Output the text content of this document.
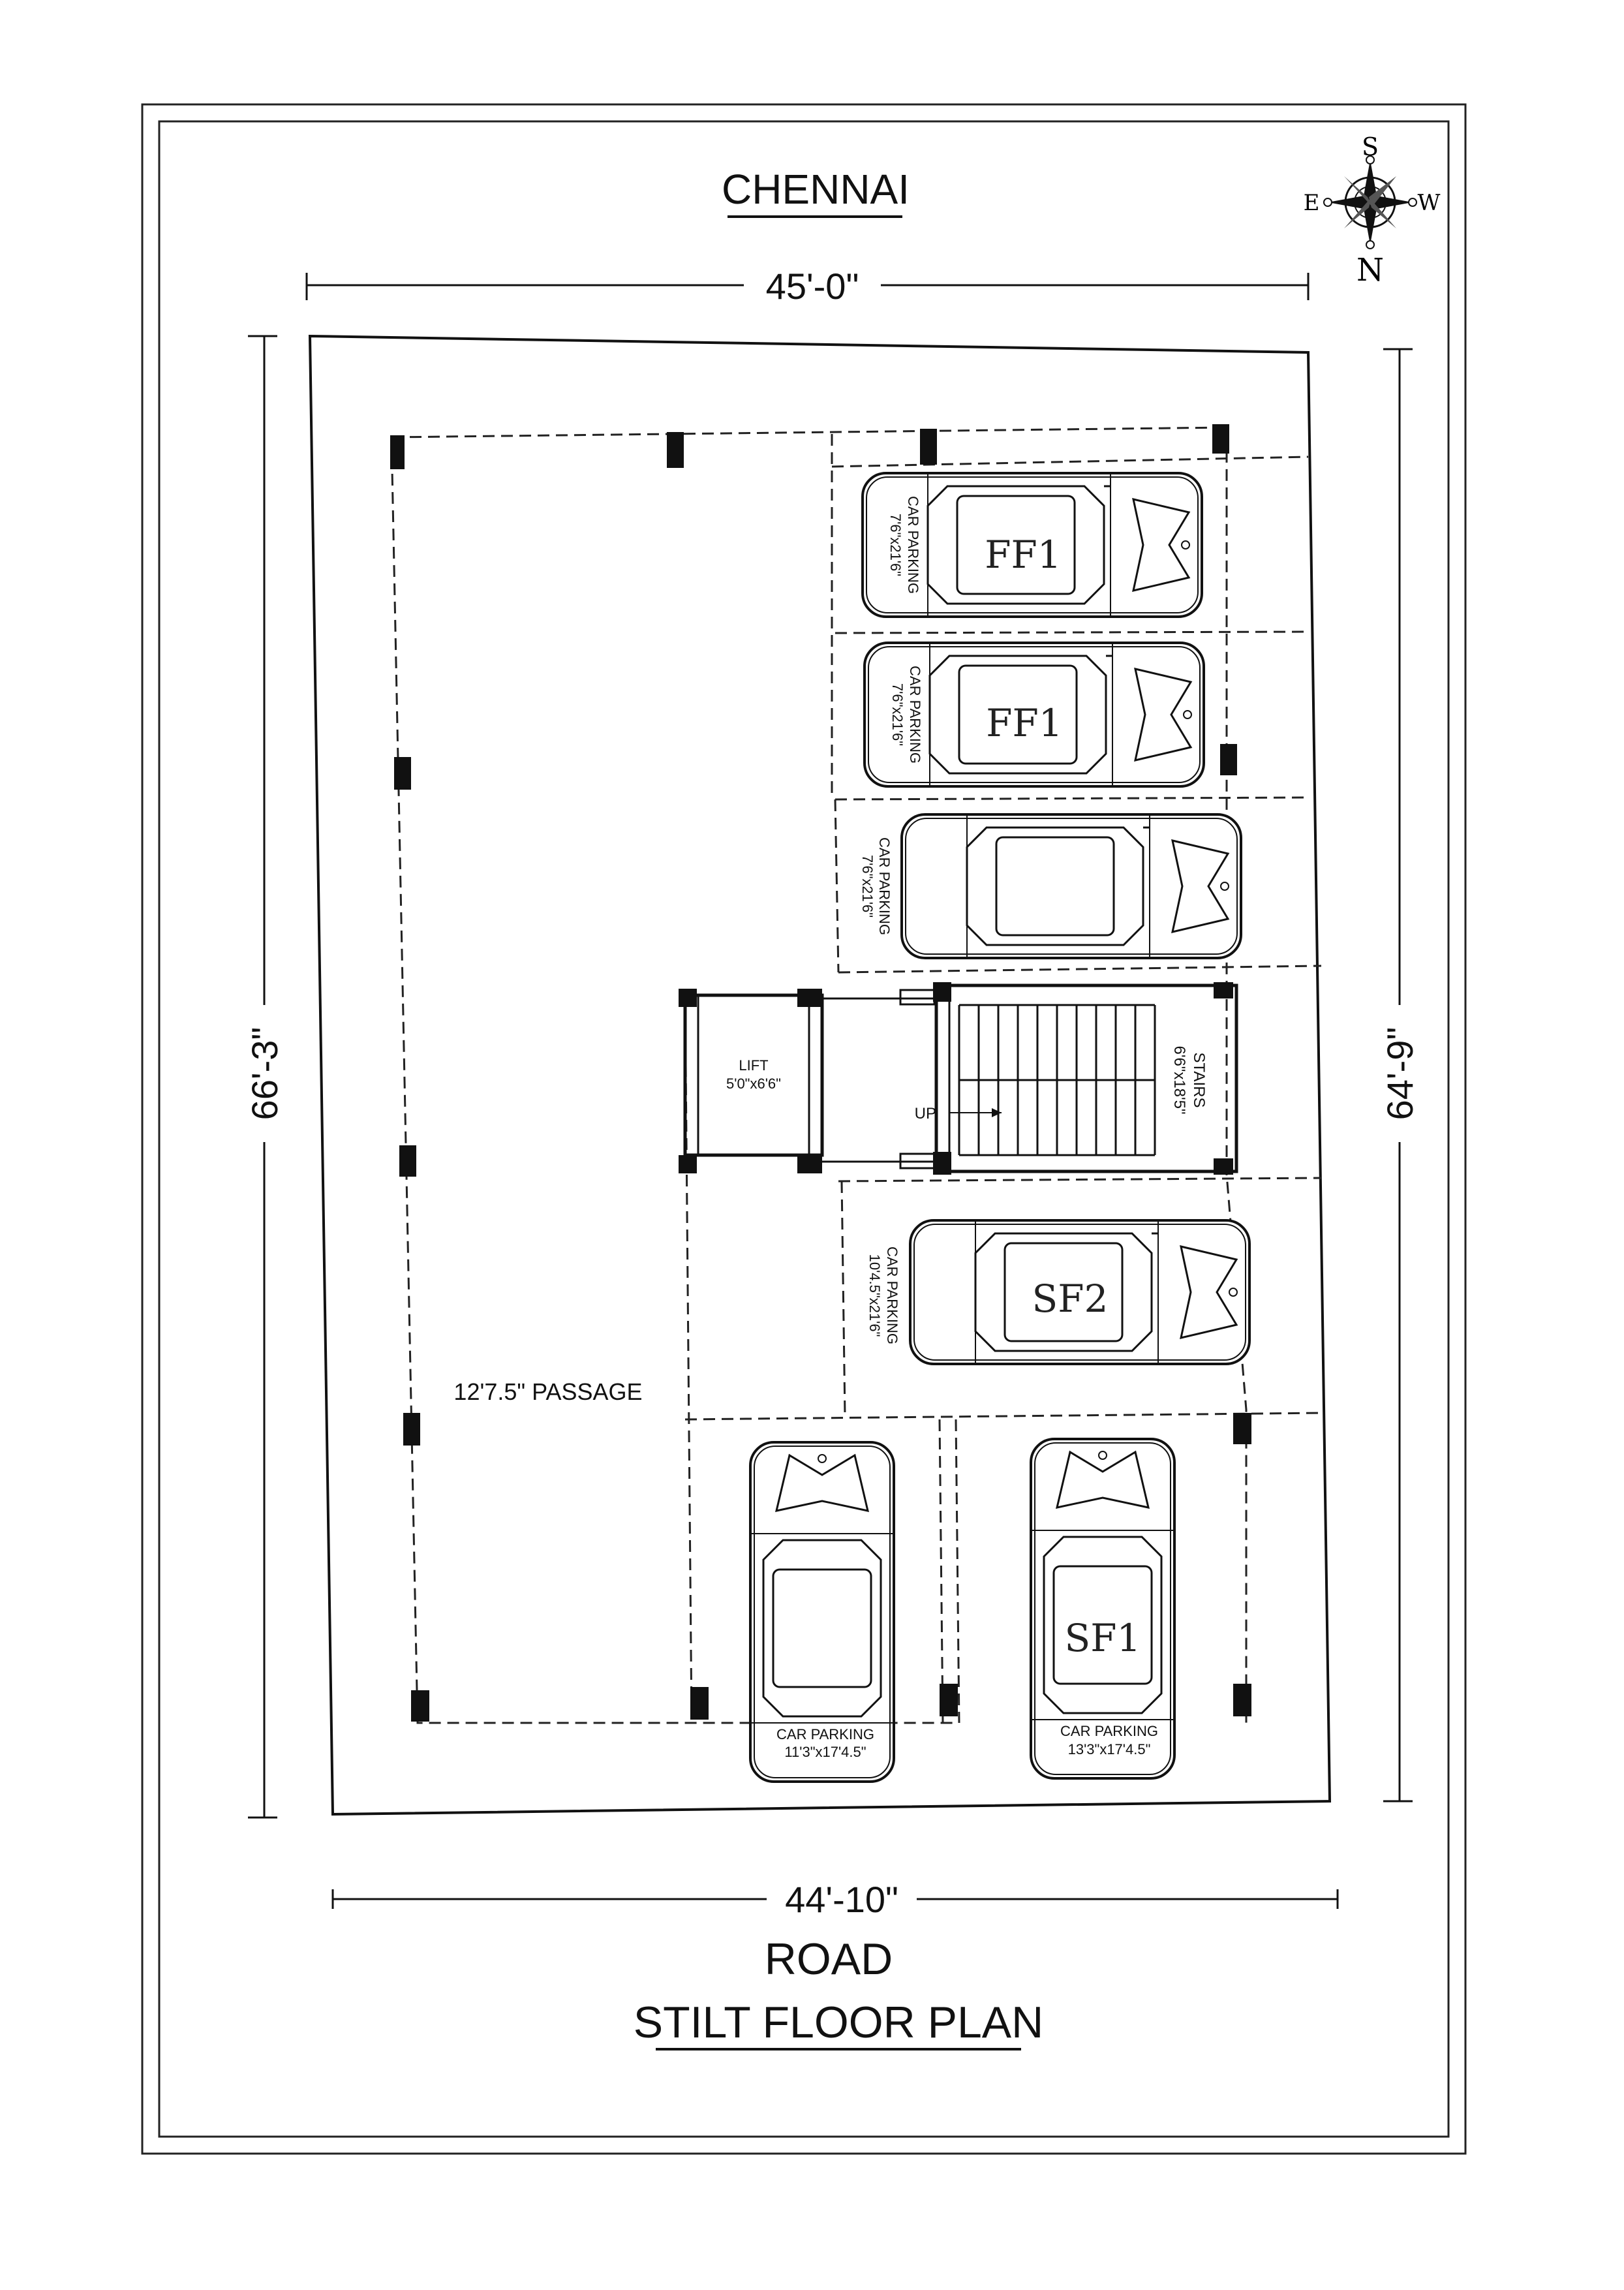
CHENNAI
S
N
E	W
45'-0"
66'-3"	64'-9"
44'-10"
LIFT
5'0"x6'6"
UP
STAIRS
6'6"x18'5"
12'7.5" PASSAGE
CAR PARKING
7'6"x21'6" FF1
CAR PARKING
7'6"x21'6" FF1
CAR PARKING
7'6"x21'6"
CAR PARKING
10'4.5"x21'6"	SF2
CAR PARKING
11'3"x17'4.5"
CAR PARKING
13'3"x17'4.5"
SF1
ROAD
STILT FLOOR PLAN
